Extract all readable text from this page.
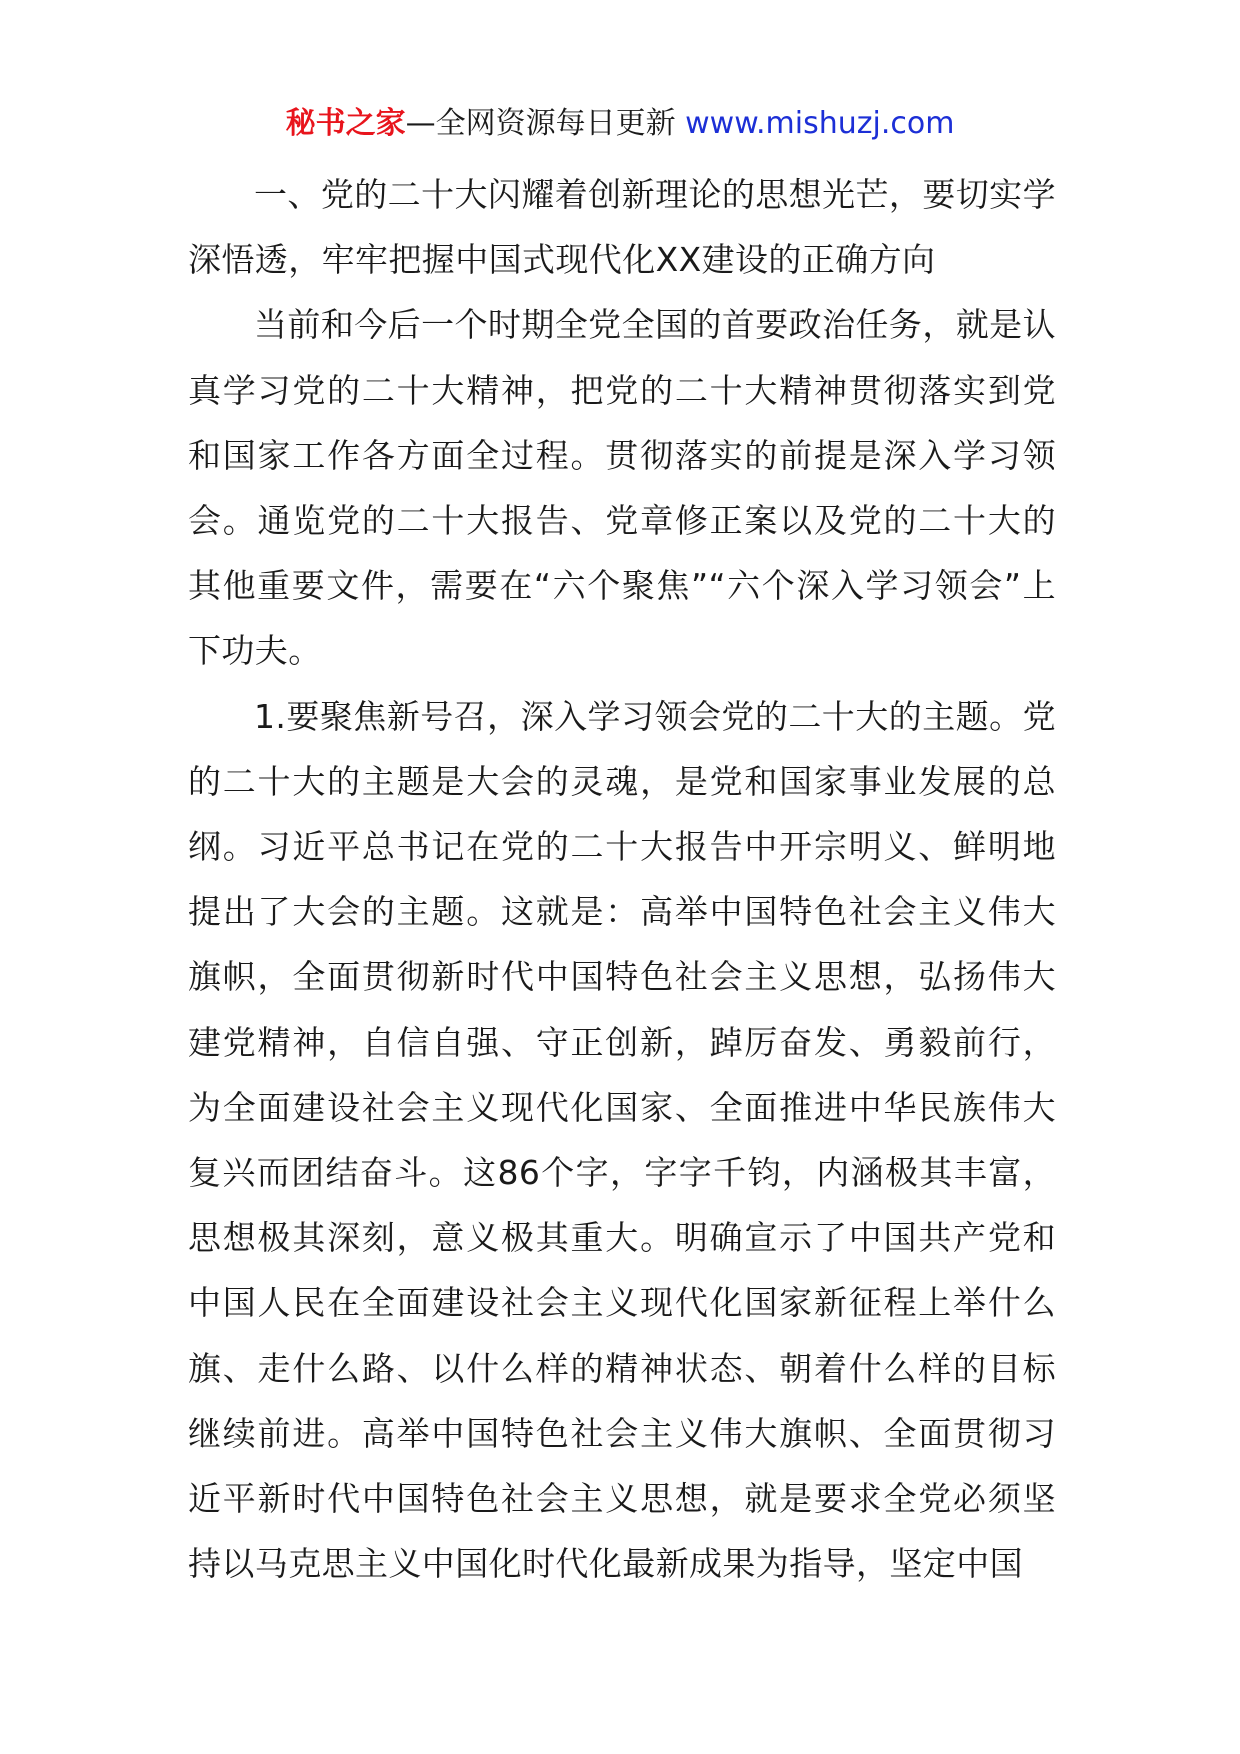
秘书之家—全网资源每日更新 www.mishuzj.com

一、党的二十大闪耀着创新理论的思想光芒，要切实学深悟透，牢牢把握中国式现代化XX建设的正确方向

当前和今后一个时期全党全国的首要政治任务，就是认真学习党的二十大精神，把党的二十大精神贯彻落实到党和国家工作各方面全过程。贯彻落实的前提是深入学习领会。通览党的二十大报告、党章修正案以及党的二十大的其他重要文件，需要在“六个聚焦”“六个深入学习领会”上下功夫。

1.要聚焦新号召，深入学习领会党的二十大的主题。党的二十大的主题是大会的灵魂，是党和国家事业发展的总纲。习近平总书记在党的二十大报告中开宗明义、鲜明地提出了大会的主题。这就是：高举中国特色社会主义伟大旗帜，全面贯彻新时代中国特色社会主义思想，弘扬伟大建党精神，自信自强、守正创新，踔厉奋发、勇毅前行，为全面建设社会主义现代化国家、全面推进中华民族伟大复兴而团结奋斗。这86个字，字字千钧，内涵极其丰富，思想极其深刻，意义极其重大。明确宣示了中国共产党和中国人民在全面建设社会主义现代化国家新征程上举什么旗、走什么路、以什么样的精神状态、朝着什么样的目标继续前进。高举中国特色社会主义伟大旗帜、全面贯彻习近平新时代中国特色社会主义思想，就是要求全党必须坚持以马克思主义中国化时代化最新成果为指导，坚定中国
